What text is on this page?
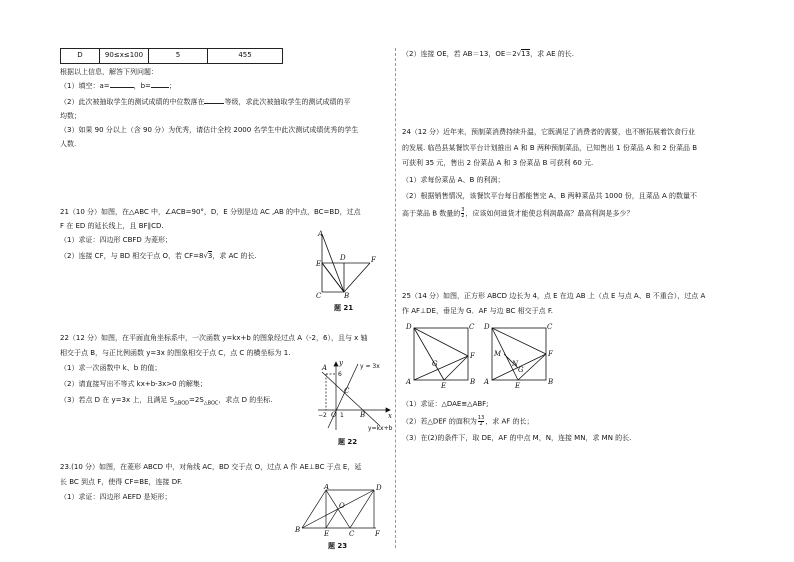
D	90≤x≤100	5	455
根据以上信息，解答下列问题：
（1）填空：a=	，b=	；
（2）此次被抽取学生的测试成绩的中位数落在	等级，求此次被抽取学生的测试成绩的平
均数；
（3）如果 90 分以上（含 90 分）为优秀，请估计全校 2000 名学生中此次测试成绩优秀的学生
人数.
21（10 分）如图，在△ABC 中，∠ACB=90°，D，E 分别是边 AC ,AB 的中点，BC=BD，过点
F 在 ED 的延长线上，且 BF∥CD.
（1）求证：四边形 CBFD 为菱形；
（2）连接 CF，与 BD 相交于点 O，若 CF=8√3，求 AC 的长.
A
E
D	F
C	B
题 21
22（12 分）如图，在平面直角坐标系中，一次函数 y=kx+b 的图象经过点 A（-2，6），且与 x 轴
相交于点 B，与正比例函数 y=3x 的图象相交于点 C，点 C 的横坐标为 1.
（1）求一次函数中 k、b 的值；
（2）请直接写出不等式 kx+b-3x>0 的解集；
（3）若点 D 在 y=3x 上，且满足 $S_{\triangle BOD}=2S_{\triangle BOC}$，求点 D 的坐标.
y = 3x
y=kx+b
A
B
C
O	x
y
6
−2 1
题 22
23.(10 分）如图，在菱形 ABCD 中，对角线 AC，BD 交于点 O，过点 A 作 AE⊥BC 于点 E，延
长 BC 到点 F，使得 CF=BE，连接 DF.
（1）求证：四边形 AEFD 是矩形；
A	D
B	E	C	F
O
题 23
（2）连接 OE，若 AB＝13，OE＝2√13，求 AE 的长.
24（12 分）近年来，预制菜消费持续升温，它既满足了消费者的需要，也不断拓展着饮食行业
的发展. 临邑县某餐饮平台计划推出 A 和 B 两种预制菜品，已知售出 1 份菜品 A 和 2 份菜品 B
可获利 35 元，售出 2 份菜品 A 和 3 份菜品 B 可获利 60 元.
（1）求每份菜品 A、B 的利润；
（2）根据销售情况，该餐饮平台每日都能售完 A、B 两种菜品共 1000 份，且菜品 A 的数量不
高于菜品 B 数量的 $\frac{3}{2}$ ，应该如何进货才能使总利润最高？最高利润是多少？
25（14 分）如图，正方形 ABCD 边长为 4，点 E 在边 AB 上（点 E 与点 A、B 不重合），过点 A
作 AF⊥DE，垂足为 G．AF 与边 BC 相交于点 F.
D	C
A	B
E
F
G
D	C
A	B
E
F
M
N
G
（1）求证：△DAE≌△ABF;
（2）若△DEF 的面积为 $\frac{13}{2}$ ，求 AF 的长；
（3）在(2)的条件下，取 DE，AF 的中点 M，N，连接 MN，求 MN 的长.
